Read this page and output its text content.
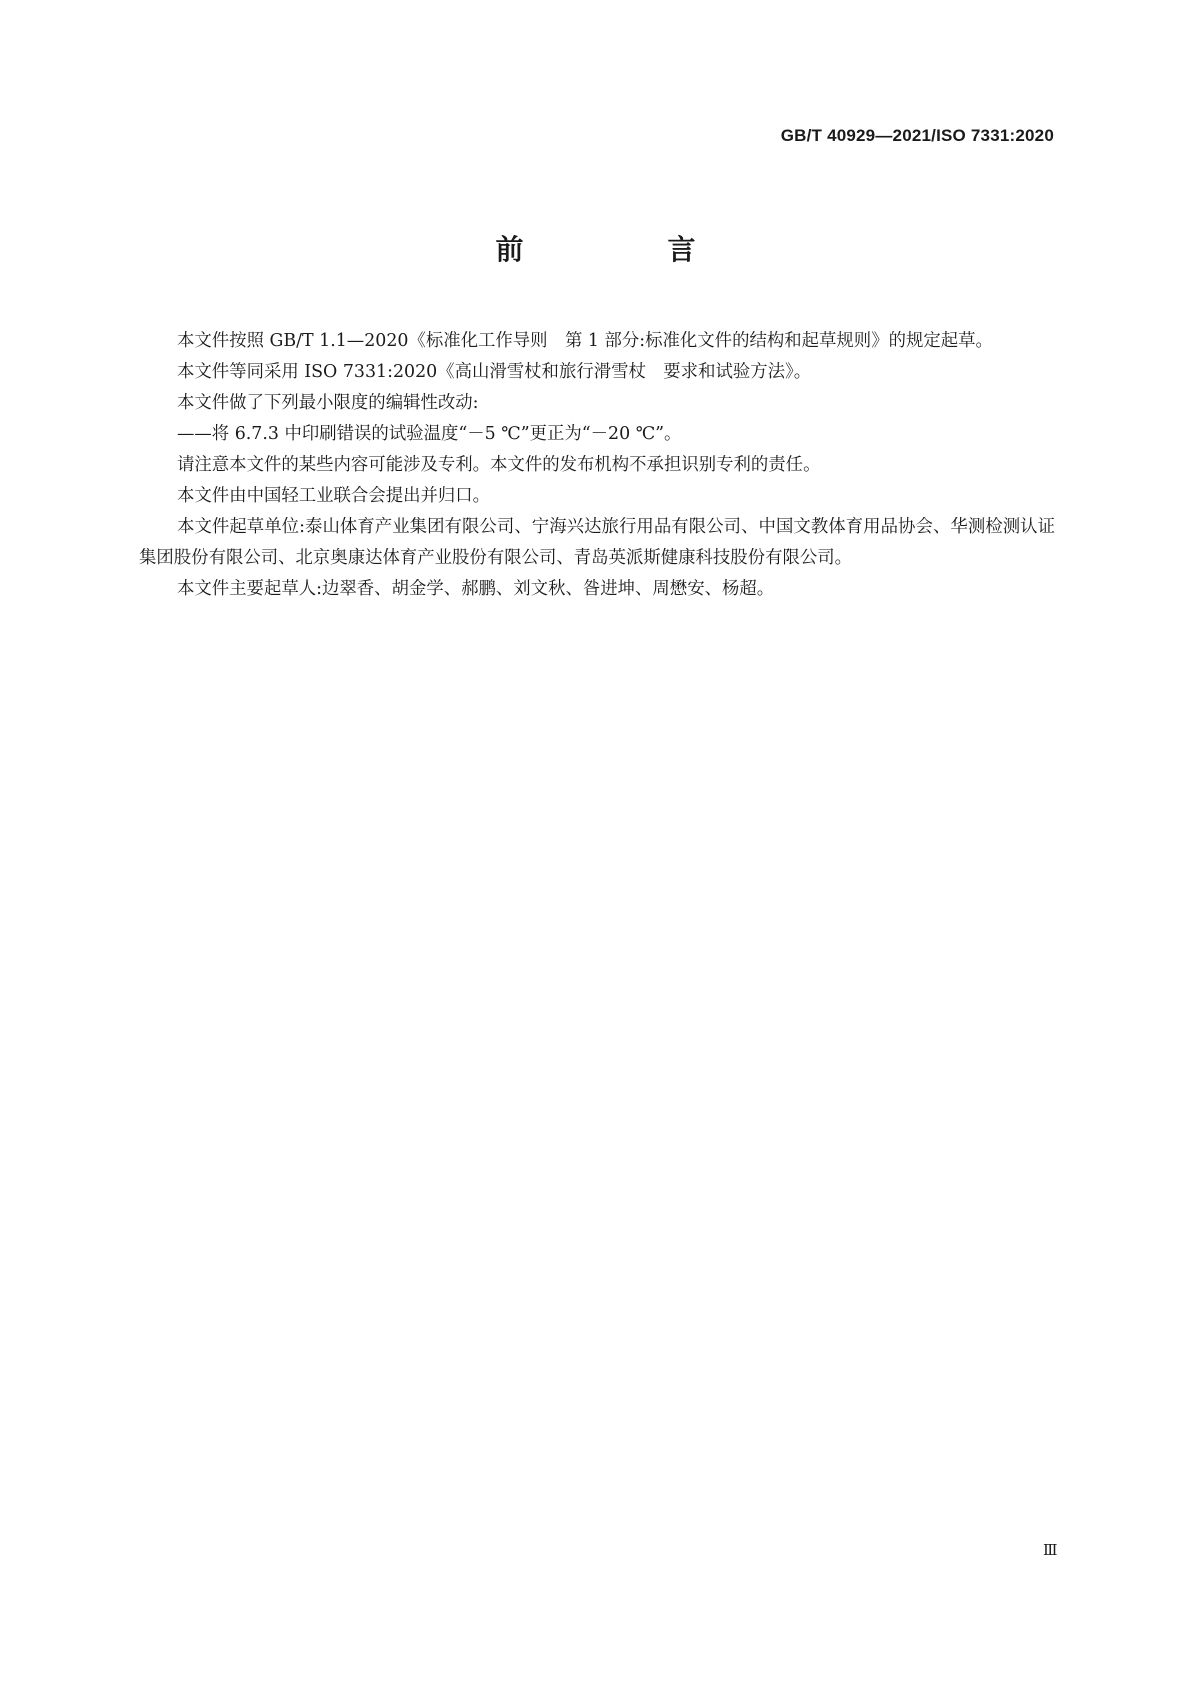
GB/T 40929—2021/ISO 7331:2020
前　言

本文件按照 GB/T 1.1—2020《标准化工作导则　第 1 部分:标准化文件的结构和起草规则》的规定起草。

本文件等同采用 ISO 7331:2020《高山滑雪杖和旅行滑雪杖　要求和试验方法》。

本文件做了下列最小限度的编辑性改动:

——将 6.7.3 中印刷错误的试验温度“－5 ℃”更正为“－20 ℃”。

请注意本文件的某些内容可能涉及专利。本文件的发布机构不承担识别专利的责任。

本文件由中国轻工业联合会提出并归口。

本文件起草单位:泰山体育产业集团有限公司、宁海兴达旅行用品有限公司、中国文教体育用品协会、华测检测认证集团股份有限公司、北京奥康达体育产业股份有限公司、青岛英派斯健康科技股份有限公司。

本文件主要起草人:边翠香、胡金学、郝鹏、刘文秋、昝进坤、周懋安、杨超。

Ⅲ
